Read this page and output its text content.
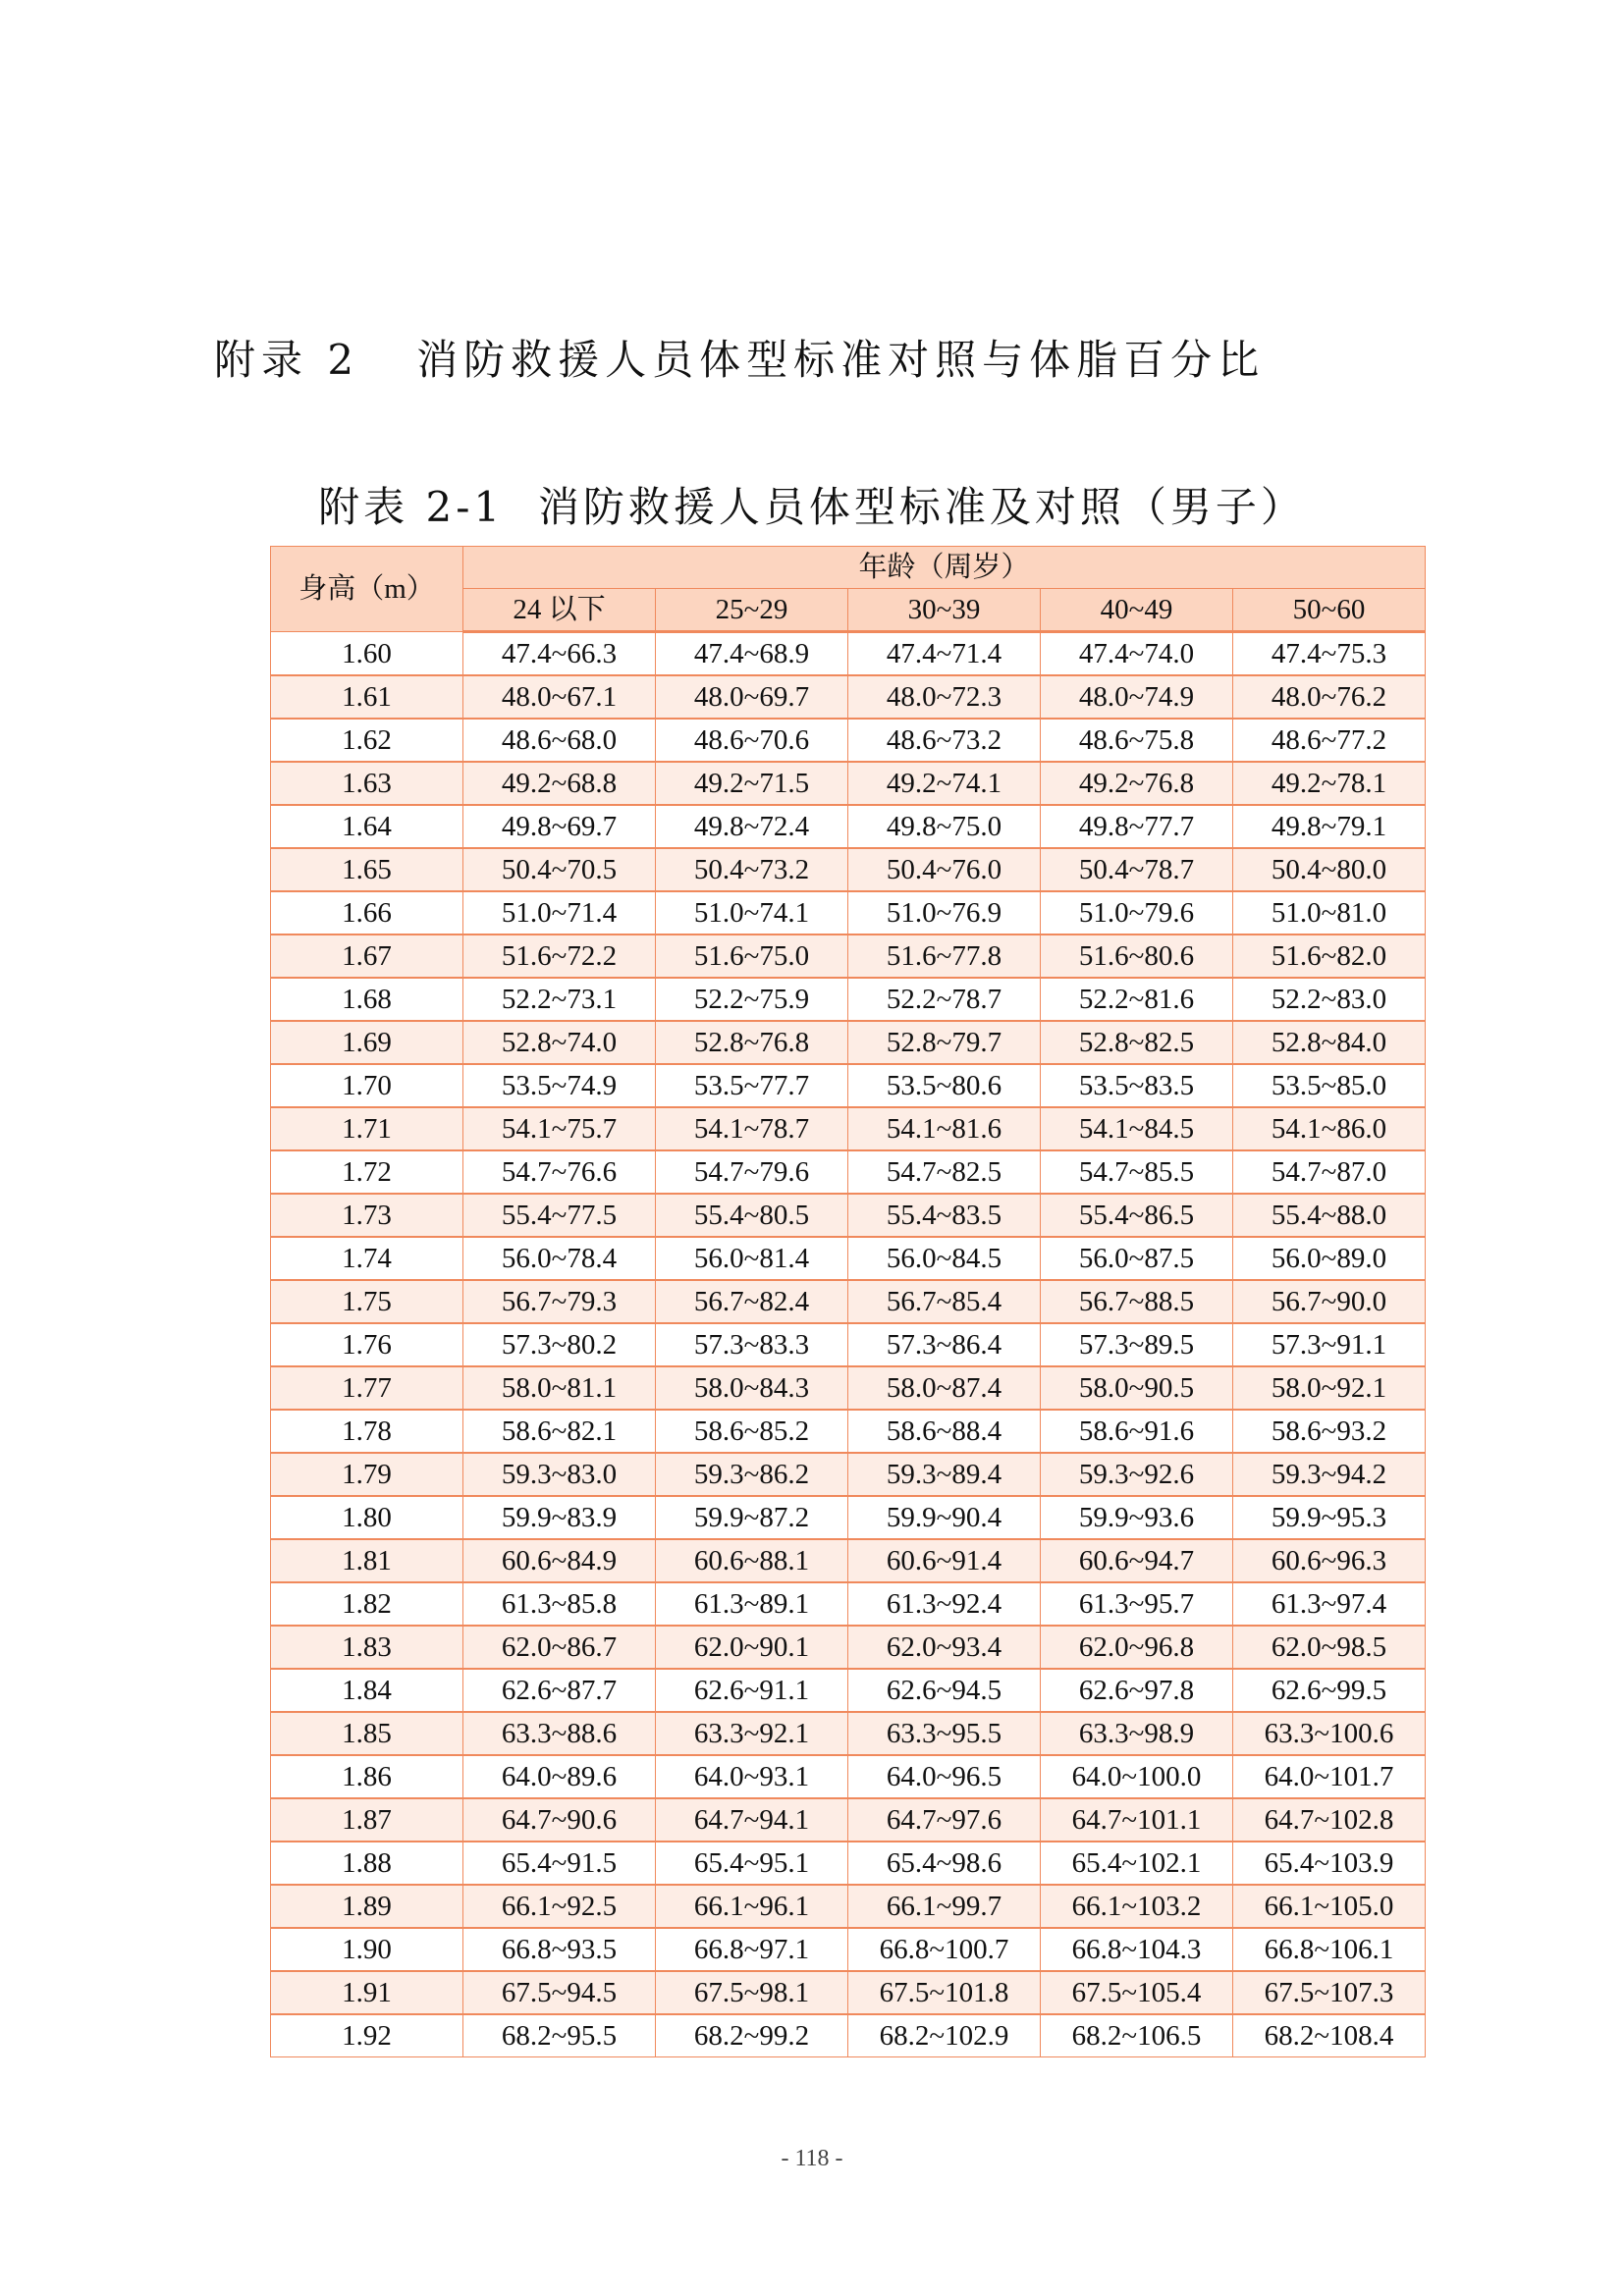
附录 2   消防救援人员体型标准对照与体脂百分比
附表 2-1  消防救援人员体型标准及对照（男子）
身高（m）	年龄（周岁）				
	24 以下	25~29	30~39	40~49	50~60
1.60	47.4~66.3	47.4~68.9	47.4~71.4	47.4~74.0	47.4~75.3
1.61	48.0~67.1	48.0~69.7	48.0~72.3	48.0~74.9	48.0~76.2
1.62	48.6~68.0	48.6~70.6	48.6~73.2	48.6~75.8	48.6~77.2
1.63	49.2~68.8	49.2~71.5	49.2~74.1	49.2~76.8	49.2~78.1
1.64	49.8~69.7	49.8~72.4	49.8~75.0	49.8~77.7	49.8~79.1
1.65	50.4~70.5	50.4~73.2	50.4~76.0	50.4~78.7	50.4~80.0
1.66	51.0~71.4	51.0~74.1	51.0~76.9	51.0~79.6	51.0~81.0
1.67	51.6~72.2	51.6~75.0	51.6~77.8	51.6~80.6	51.6~82.0
1.68	52.2~73.1	52.2~75.9	52.2~78.7	52.2~81.6	52.2~83.0
1.69	52.8~74.0	52.8~76.8	52.8~79.7	52.8~82.5	52.8~84.0
1.70	53.5~74.9	53.5~77.7	53.5~80.6	53.5~83.5	53.5~85.0
1.71	54.1~75.7	54.1~78.7	54.1~81.6	54.1~84.5	54.1~86.0
1.72	54.7~76.6	54.7~79.6	54.7~82.5	54.7~85.5	54.7~87.0
1.73	55.4~77.5	55.4~80.5	55.4~83.5	55.4~86.5	55.4~88.0
1.74	56.0~78.4	56.0~81.4	56.0~84.5	56.0~87.5	56.0~89.0
1.75	56.7~79.3	56.7~82.4	56.7~85.4	56.7~88.5	56.7~90.0
1.76	57.3~80.2	57.3~83.3	57.3~86.4	57.3~89.5	57.3~91.1
1.77	58.0~81.1	58.0~84.3	58.0~87.4	58.0~90.5	58.0~92.1
1.78	58.6~82.1	58.6~85.2	58.6~88.4	58.6~91.6	58.6~93.2
1.79	59.3~83.0	59.3~86.2	59.3~89.4	59.3~92.6	59.3~94.2
1.80	59.9~83.9	59.9~87.2	59.9~90.4	59.9~93.6	59.9~95.3
1.81	60.6~84.9	60.6~88.1	60.6~91.4	60.6~94.7	60.6~96.3
1.82	61.3~85.8	61.3~89.1	61.3~92.4	61.3~95.7	61.3~97.4
1.83	62.0~86.7	62.0~90.1	62.0~93.4	62.0~96.8	62.0~98.5
1.84	62.6~87.7	62.6~91.1	62.6~94.5	62.6~97.8	62.6~99.5
1.85	63.3~88.6	63.3~92.1	63.3~95.5	63.3~98.9	63.3~100.6
1.86	64.0~89.6	64.0~93.1	64.0~96.5	64.0~100.0	64.0~101.7
1.87	64.7~90.6	64.7~94.1	64.7~97.6	64.7~101.1	64.7~102.8
1.88	65.4~91.5	65.4~95.1	65.4~98.6	65.4~102.1	65.4~103.9
1.89	66.1~92.5	66.1~96.1	66.1~99.7	66.1~103.2	66.1~105.0
1.90	66.8~93.5	66.8~97.1	66.8~100.7	66.8~104.3	66.8~106.1
1.91	67.5~94.5	67.5~98.1	67.5~101.8	67.5~105.4	67.5~107.3
1.92	68.2~95.5	68.2~99.2	68.2~102.9	68.2~106.5	68.2~108.4
- 118 -
